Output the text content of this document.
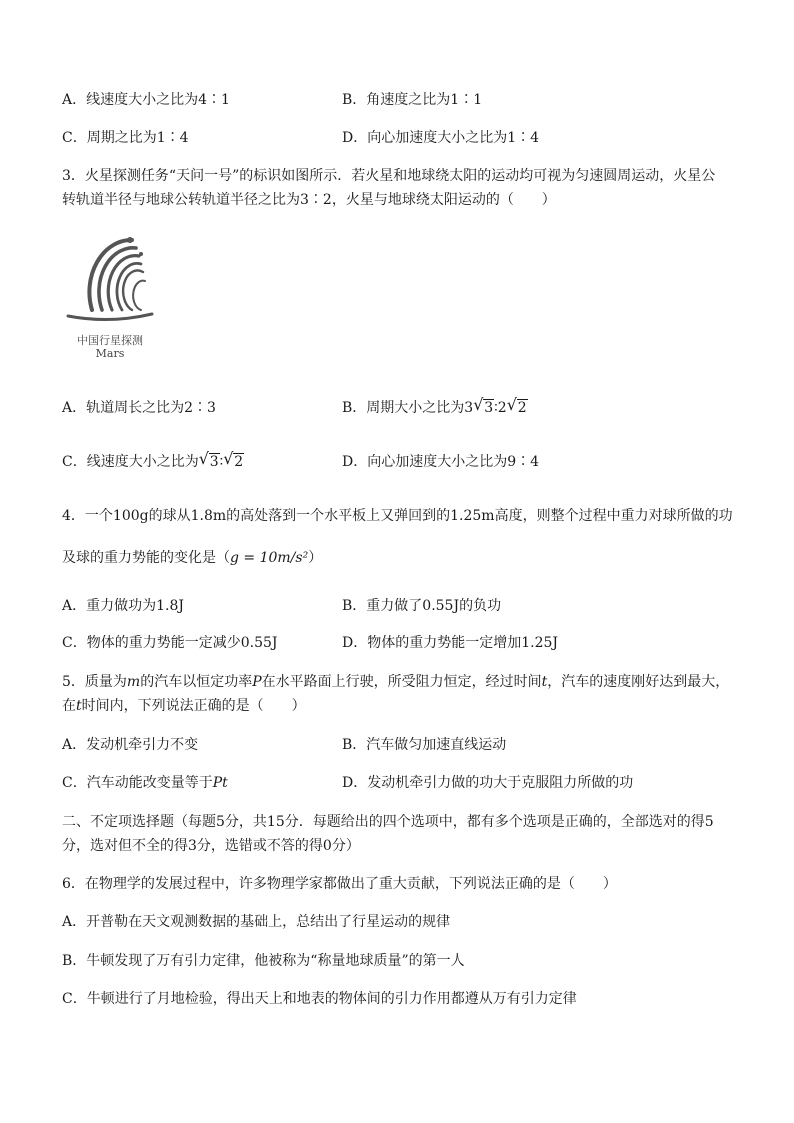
A．线速度大小之比为4∶1	B．角速度之比为1∶1
C．周期之比为1∶4	D．向心加速度大小之比为1∶4
3．火星探测任务“天问一号”的标识如图所示．若火星和地球绕太阳的运动均可视为匀速圆周运动，火星公
转轨道半径与地球公转轨道半径之比为3∶2，火星与地球绕太阳运动的（　　）
中国行星探测
Mars
A．轨道周长之比为2∶3	B．周期大小之比为3 √ 3∶2 √ 2
C．线速度大小之比为 √ 3∶ √ 2	D．向心加速度大小之比为9∶4
4．一个100g的球从1.8m的高处落到一个水平板上又弹回到的1.25m高度，则整个过程中重力对球所做的功
及球的重力势能的变化是（g = 10m/s²）
A．重力做功为1.8J	B．重力做了0.55J的负功
C．物体的重力势能一定减少0.55J	D．物体的重力势能一定增加1.25J
5．质量为m的汽车以恒定功率P在水平路面上行驶，所受阻力恒定，经过时间t，汽车的速度刚好达到最大，
在t时间内，下列说法正确的是（　　）
A．发动机牵引力不变	B．汽车做匀加速直线运动
C．汽车动能改变量等于Pt	D．发动机牵引力做的功大于克服阻力所做的功
二、不定项选择题（每题5分，共15分．每题给出的四个选项中，都有多个选项是正确的，全部选对的得5
分，选对但不全的得3分，选错或不答的得0分）
6．在物理学的发展过程中，许多物理学家都做出了重大贡献，下列说法正确的是（　　）
A．开普勒在天文观测数据的基础上，总结出了行星运动的规律
B．牛顿发现了万有引力定律，他被称为“称量地球质量”的第一人
C．牛顿进行了月地检验，得出天上和地表的物体间的引力作用都遵从万有引力定律
